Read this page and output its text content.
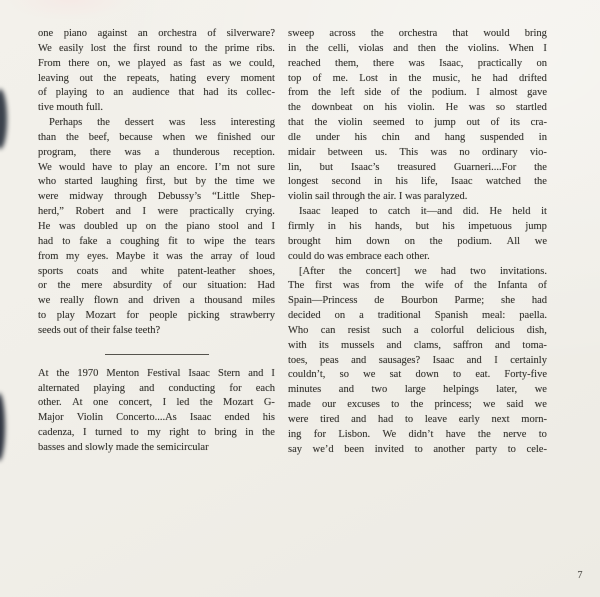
one piano against an orchestra of silverware?
We easily lost the first round to the prime ribs.
From there on, we played as fast as we could,
leaving out the repeats, hating every moment
of playing to an audience that had its collec-
tive mouth full.
Perhaps the dessert was less interesting
than the beef, because when we finished our
program, there was a thunderous reception.
We would have to play an encore. I’m not sure
who started laughing first, but by the time we
were midway through Debussy’s “Little Shep-
herd,” Robert and I were practically crying.
He was doubled up on the piano stool and I
had to fake a coughing fit to wipe the tears
from my eyes. Maybe it was the array of loud
sports coats and white patent-leather shoes,
or the mere absurdity of our situation: Had
we really flown and driven a thousand miles
to play Mozart for people picking strawberry
seeds out of their false teeth?
At the 1970 Menton Festival Isaac Stern and I
alternated playing and conducting for each
other. At one concert, I led the Mozart G-
Major Violin Concerto....As Isaac ended his
cadenza, I turned to my right to bring in the
basses and slowly made the semicircular
sweep across the orchestra that would bring
in the celli, violas and then the violins. When I
reached them, there was Isaac, practically on
top of me. Lost in the music, he had drifted
from the left side of the podium. I almost gave
the downbeat on his violin. He was so startled
that the violin seemed to jump out of its cra-
dle under his chin and hang suspended in
midair between us. This was no ordinary vio-
lin, but Isaac’s treasured Guarneri....For the
longest second in his life, Isaac watched the
violin sail through the air. I was paralyzed.
Isaac leaped to catch it—and did. He held it
firmly in his hands, but his impetuous jump
brought him down on the podium. All we
could do was embrace each other.
[After the concert] we had two invitations.
The first was from the wife of the Infanta of
Spain—Princess de Bourbon Parme; she had
decided on a traditional Spanish meal: paella.
Who can resist such a colorful delicious dish,
with its mussels and clams, saffron and toma-
toes, peas and sausages? Isaac and I certainly
couldn’t, so we sat down to eat. Forty-five
minutes and two large helpings later, we
made our excuses to the princess; we said we
were tired and had to leave early next morn-
ing for Lisbon. We didn’t have the nerve to
say we’d been invited to another party to cele-
7
